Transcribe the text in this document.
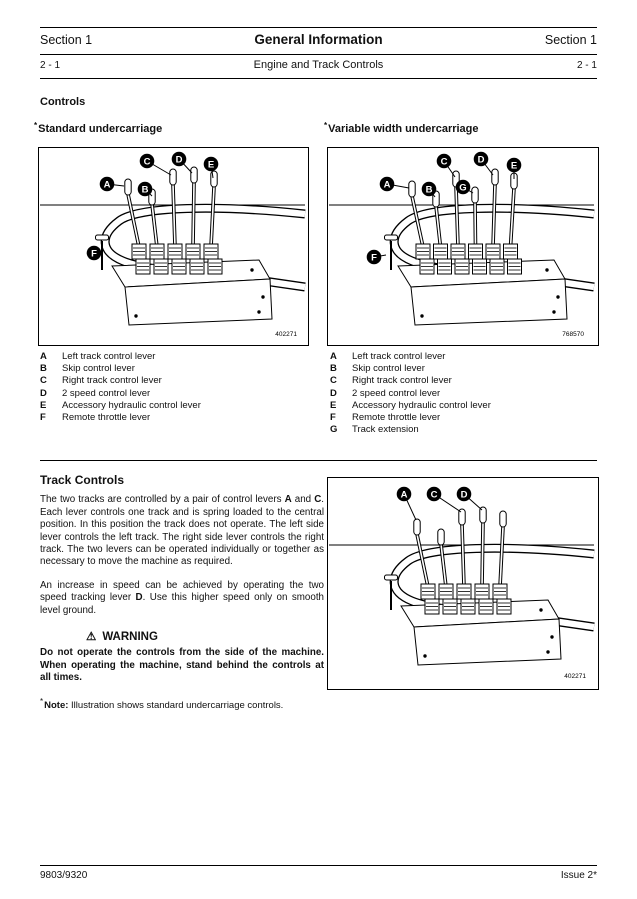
Section 1	General Information	Section 1
2 - 1	Engine and Track Controls	2 - 1
Controls
*Standard undercarriage	*Variable width undercarriage
A	B
C	D	E
F
402271
A	B
C	D
E
F
G
768570
A	Left track control lever
B	Skip control lever
C	Right track control lever
D	2 speed control lever
E	Accessory hydraulic control lever
F	Remote throttle lever
A	Left track control lever
B	Skip control lever
C	Right track control lever
D	2 speed control lever
E	Accessory hydraulic control lever
F	Remote throttle lever
G	Track extension
Track Controls

The two tracks are controlled by a pair of control levers A and C. Each lever controls one track and is spring loaded to the central position. In this position the track does not operate. The left side lever controls the left track. The right side lever controls the right track. The two levers can be operated individually or together as necessary to move the machine as required.

An increase in speed can be achieved by operating the two speed tracking lever D. Use this higher speed only on smooth level ground.

⚠ WARNING

Do not operate the controls from the side of the machine. When operating the machine, stand behind the controls at all times.

*Note: Illustration shows standard undercarriage controls.

A C D
402271
9803/9320	Issue 2*
